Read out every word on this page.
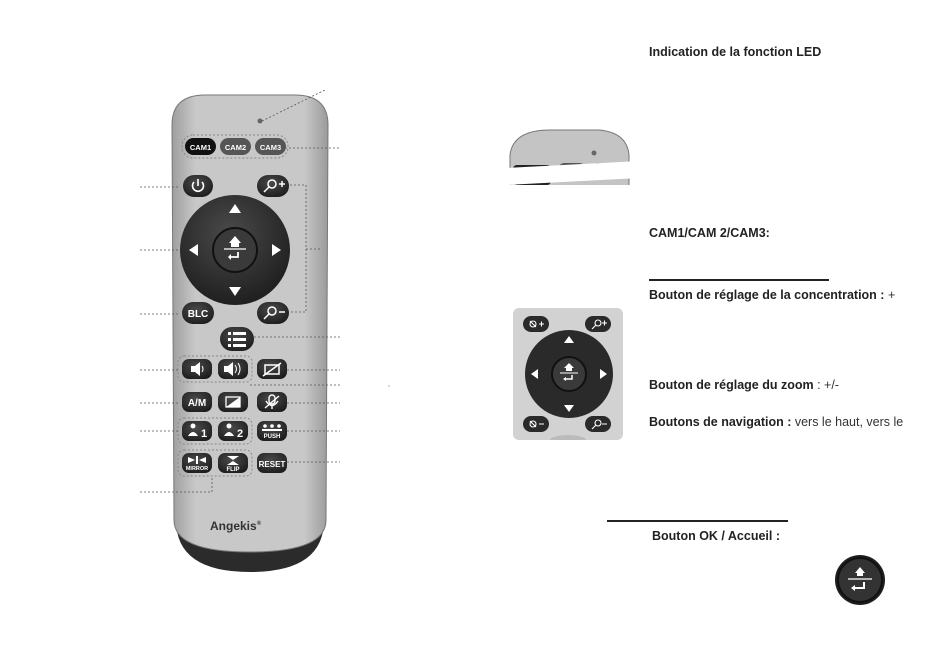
CAM1 CAM2 CAM3
BLC
A/M
1	2	PUSH
MIRROR	FLIP
RESET
Angekis®
Indication de la fonction LED
CAM1/CAM 2/CAM3:
Bouton de réglage de la concentration : +
Bouton de réglage du zoom : +/-
Boutons de navigation : vers le haut, vers le
Bouton OK / Accueil :
